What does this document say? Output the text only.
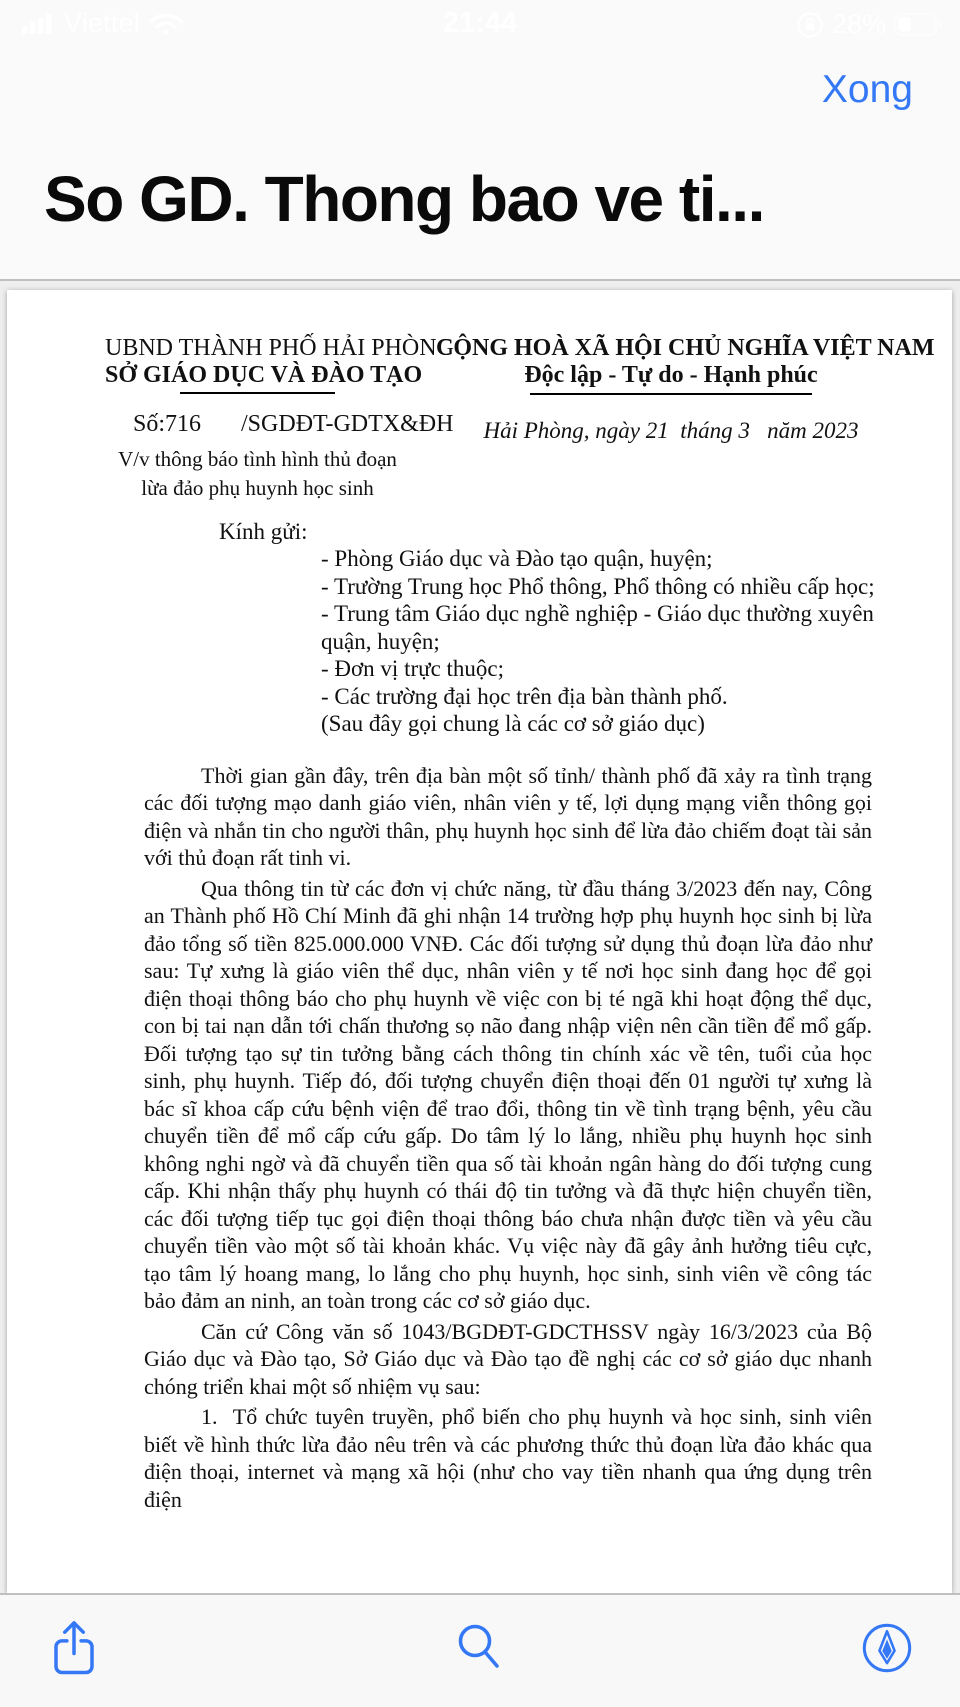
Viettel	21:44	28%
Xong
So GD. Thong bao ve ti...
UBND THÀNH PHỐ HẢI PHÒNG
SỞ GIÁO DỤC VÀ ĐÀO TẠO
Số:716 /SGDĐT-GDTX&ĐH
V/v thông báo tình hình thủ đoạn
lừa đảo phụ huynh học sinh
CỘNG HOÀ XÃ HỘI CHỦ NGHĨA VIỆT NAM
Độc lập - Tự do - Hạnh phúc
Hải Phòng, ngày 21  tháng 3   năm 2023
Kính gửi:
- Phòng Giáo dục và Đào tạo quận, huyện;
- Trường Trung học Phổ thông, Phổ thông có nhiều cấp học;
- Trung tâm Giáo dục nghề nghiệp - Giáo dục thường xuyên quận, huyện;
- Đơn vị trực thuộc;
- Các trường đại học trên địa bàn thành phố.
(Sau đây gọi chung là các cơ sở giáo dục)

Thời gian gần đây, trên địa bàn một số tỉnh/ thành phố đã xảy ra tình trạng các đối tượng mạo danh giáo viên, nhân viên y tế, lợi dụng mạng viễn thông gọi điện và nhắn tin cho người thân, phụ huynh học sinh để lừa đảo chiếm đoạt tài sản với thủ đoạn rất tinh vi.

Qua thông tin từ các đơn vị chức năng, từ đầu tháng 3/2023 đến nay, Công an Thành phố Hồ Chí Minh đã ghi nhận 14 trường hợp phụ huynh học sinh bị lừa đảo tổng số tiền 825.000.000 VNĐ. Các đối tượng sử dụng thủ đoạn lừa đảo như sau: Tự xưng là giáo viên thể dục, nhân viên y tế nơi học sinh đang học để gọi điện thoại thông báo cho phụ huynh về việc con bị té ngã khi hoạt động thể dục, con bị tai nạn dẫn tới chấn thương sọ não đang nhập viện nên cần tiền để mổ gấp. Đối tượng tạo sự tin tưởng bằng cách thông tin chính xác về tên, tuổi của học sinh, phụ huynh. Tiếp đó, đối tượng chuyển điện thoại đến 01 người tự xưng là bác sĩ khoa cấp cứu bệnh viện để trao đổi, thông tin về tình trạng bệnh, yêu cầu chuyển tiền để mổ cấp cứu gấp. Do tâm lý lo lắng, nhiều phụ huynh học sinh không nghi ngờ và đã chuyển tiền qua số tài khoản ngân hàng do đối tượng cung cấp. Khi nhận thấy phụ huynh có thái độ tin tưởng và đã thực hiện chuyển tiền, các đối tượng tiếp tục gọi điện thoại thông báo chưa nhận được tiền và yêu cầu chuyển tiền vào một số tài khoản khác. Vụ việc này đã gây ảnh hưởng tiêu cực, tạo tâm lý hoang mang, lo lắng cho phụ huynh, học sinh, sinh viên về công tác bảo đảm an ninh, an toàn trong các cơ sở giáo dục.

Căn cứ Công văn số 1043/BGDĐT-GDCTHSSV ngày 16/3/2023 của Bộ Giáo dục và Đào tạo, Sở Giáo dục và Đào tạo đề nghị các cơ sở giáo dục nhanh chóng triển khai một số nhiệm vụ sau:

1.  Tổ chức tuyên truyền, phổ biến cho phụ huynh và học sinh, sinh viên biết về hình thức lừa đảo nêu trên và các phương thức thủ đoạn lừa đảo khác qua điện thoại, internet và mạng xã hội (như cho vay tiền nhanh qua ứng dụng trên điện
